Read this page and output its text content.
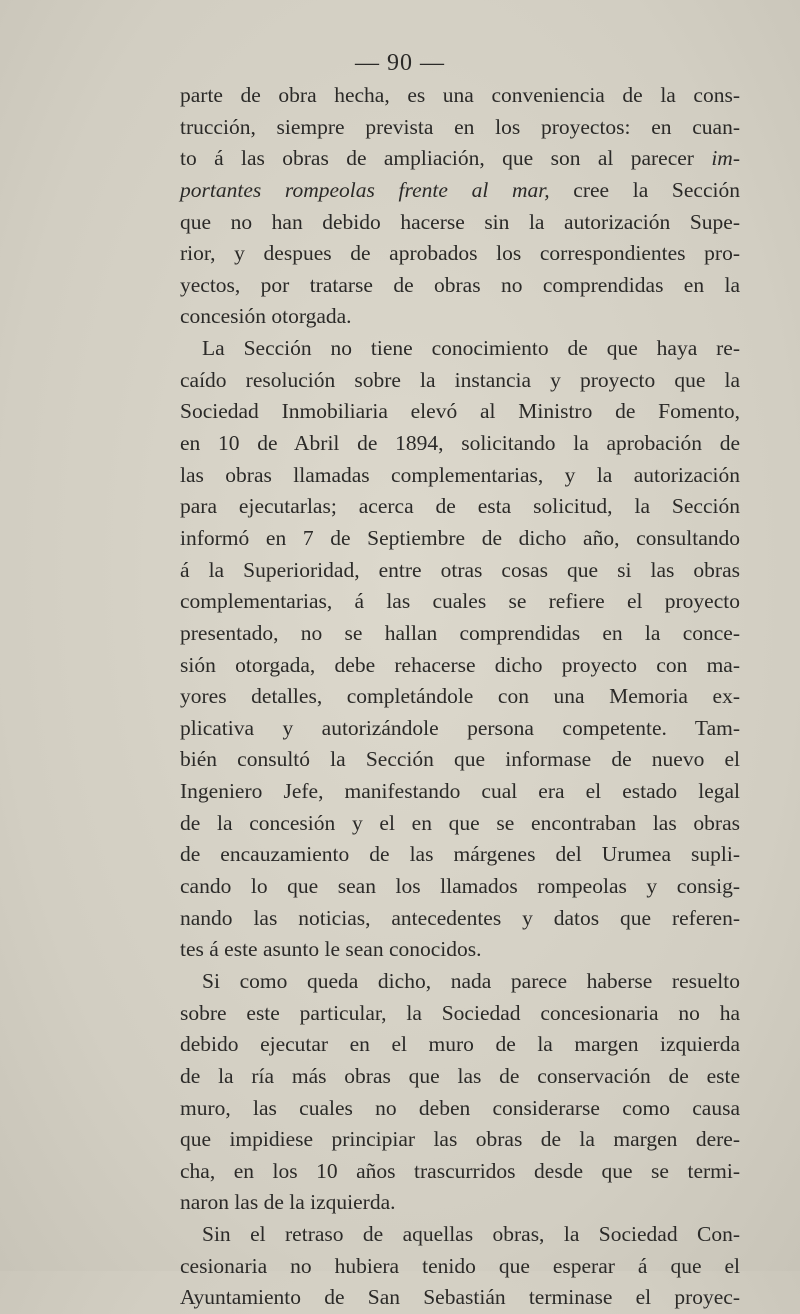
— 90 —
parte de obra hecha, es una conveniencia de la cons-
trucción, siempre prevista en los proyectos: en cuan-
to á las obras de ampliación, que son al parecer im-
portantes rompeolas frente al mar, cree la Sección
que no han debido hacerse sin la autorización Supe-
rior, y despues de aprobados los correspondientes pro-
yectos, por tratarse de obras no comprendidas en la
concesión otorgada.
La Sección no tiene conocimiento de que haya re-
caído resolución sobre la instancia y proyecto que la
Sociedad Inmobiliaria elevó al Ministro de Fomento,
en 10 de Abril de 1894, solicitando la aprobación de
las obras llamadas complementarias, y la autorización
para ejecutarlas; acerca de esta solicitud, la Sección
informó en 7 de Septiembre de dicho año, consultando
á la Superioridad, entre otras cosas que si las obras
complementarias, á las cuales se refiere el proyecto
presentado, no se hallan comprendidas en la conce-
sión otorgada, debe rehacerse dicho proyecto con ma-
yores detalles, completándole con una Memoria ex-
plicativa y autorizándole persona competente. Tam-
bién consultó la Sección que informase de nuevo el
Ingeniero Jefe, manifestando cual era el estado legal
de la concesión y el en que se encontraban las obras
de encauzamiento de las márgenes del Urumea supli-
cando lo que sean los llamados rompeolas y consig-
nando las noticias, antecedentes y datos que referen-
tes á este asunto le sean conocidos.
Si como queda dicho, nada parece haberse resuelto
sobre este particular, la Sociedad concesionaria no ha
debido ejecutar en el muro de la margen izquierda
de la ría más obras que las de conservación de este
muro, las cuales no deben considerarse como causa
que impidiese principiar las obras de la margen dere-
cha, en los 10 años trascurridos desde que se termi-
naron las de la izquierda.
Sin el retraso de aquellas obras, la Sociedad Con-
cesionaria no hubiera tenido que esperar á que el
Ayuntamiento de San Sebastián terminase el proyec-
